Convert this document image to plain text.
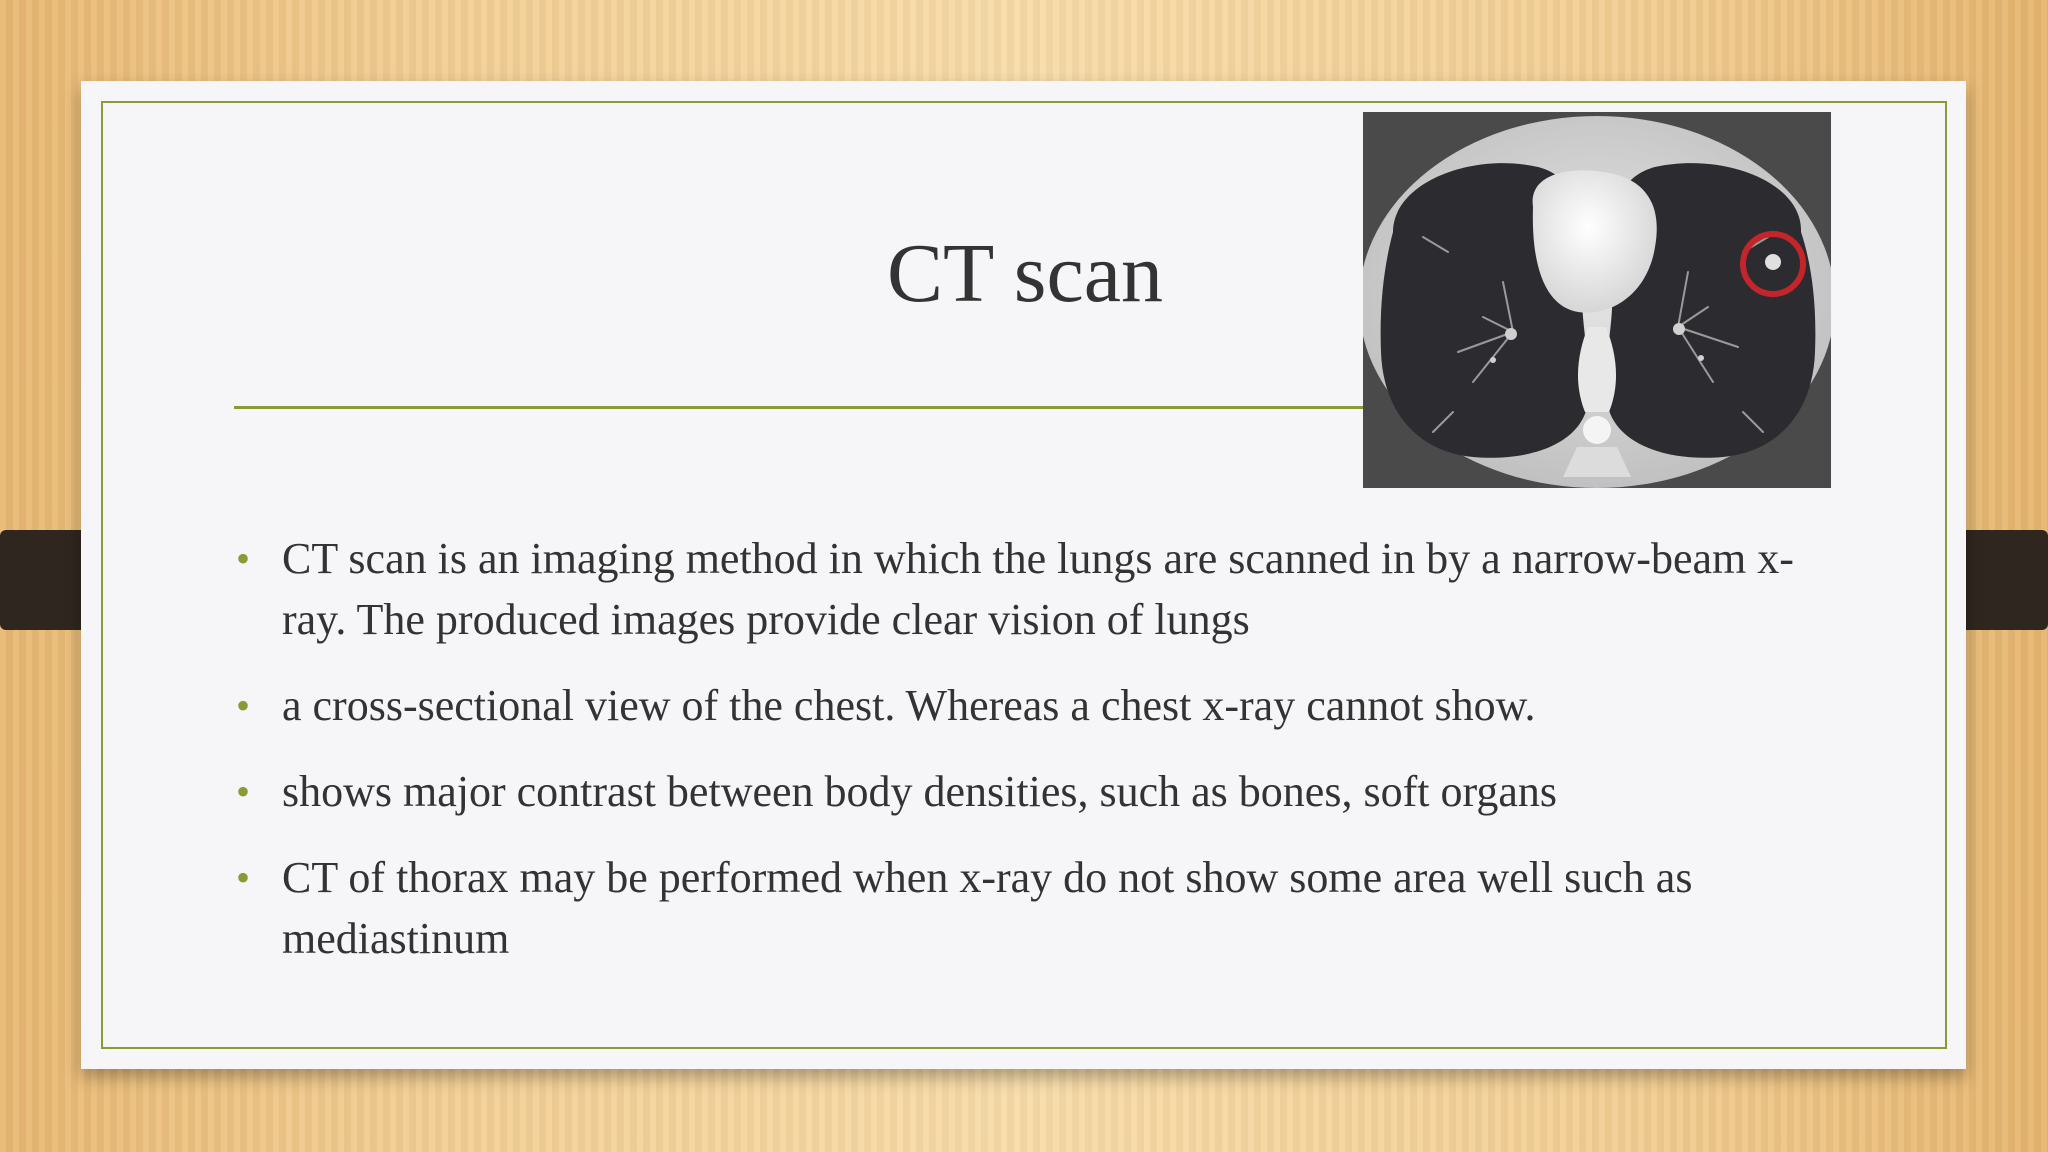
CT scan
• CT scan is an imaging method in which the lungs are scanned in by a narrow-beam x-ray. The produced images provide clear vision of lungs
• a cross-sectional view of the chest. Whereas a chest x-ray cannot show.
• shows major contrast between body densities, such as bones, soft organs
• CT of thorax may be performed when x-ray do not show some area well such as mediastinum
